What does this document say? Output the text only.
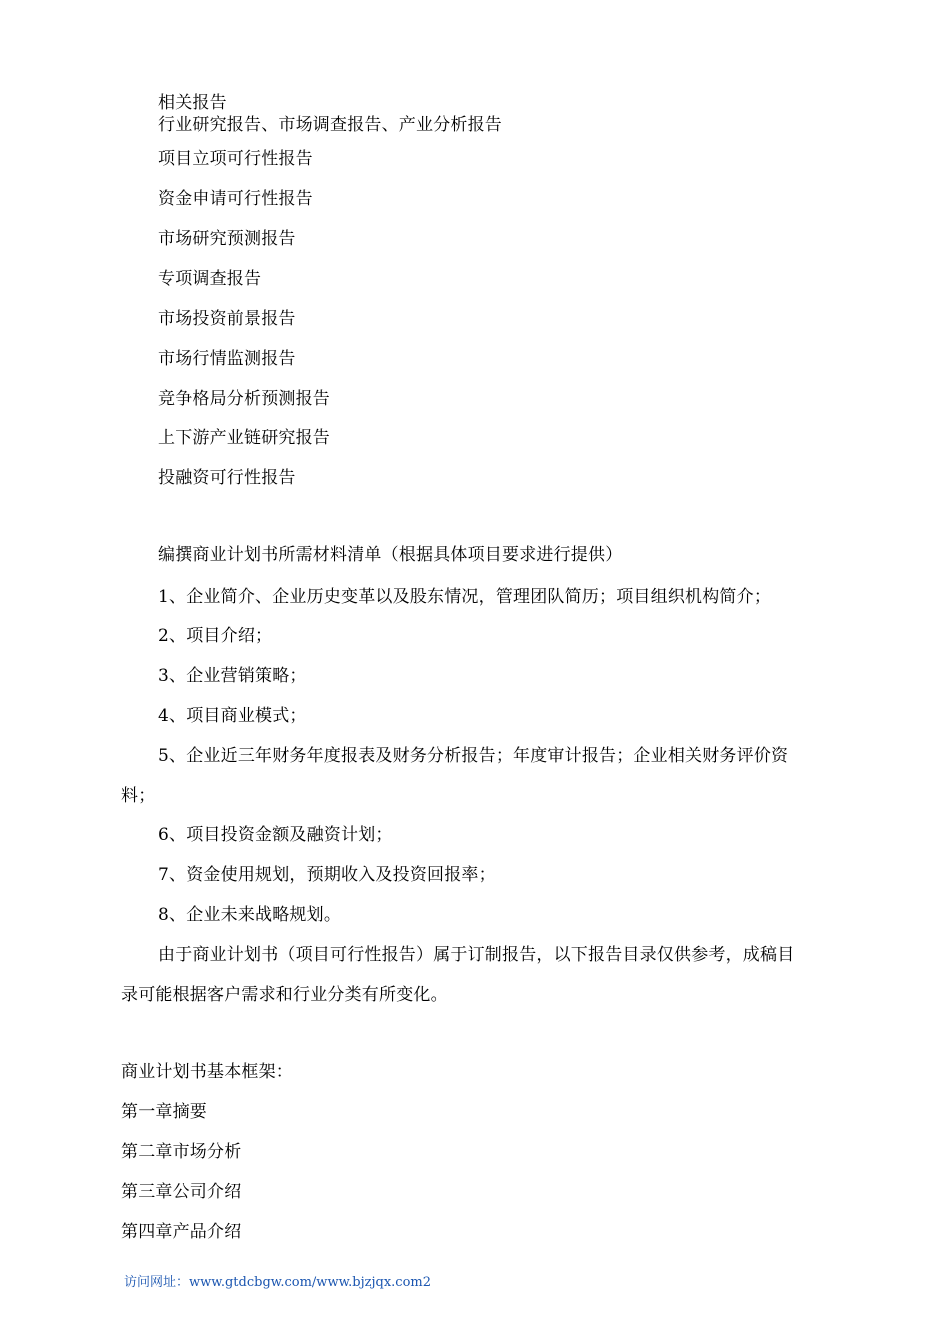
相关报告
行业研究报告、市场调查报告、产业分析报告
项目立项可行性报告
资金申请可行性报告
市场研究预测报告
专项调查报告
市场投资前景报告
市场行情监测报告
竞争格局分析预测报告
上下游产业链研究报告
投融资可行性报告
编撰商业计划书所需材料清单（根据具体项目要求进行提供）
1、企业简介、企业历史变革以及股东情况，管理团队简历；项目组织机构简介；
2、项目介绍；
3、企业营销策略；
4、项目商业模式；
5、企业近三年财务年度报表及财务分析报告；年度审计报告；企业相关财务评价资
料；
6、项目投资金额及融资计划；
7、资金使用规划，预期收入及投资回报率；
8、企业未来战略规划。
由于商业计划书（项目可行性报告）属于订制报告，以下报告目录仅供参考，成稿目
录可能根据客户需求和行业分类有所变化。
商业计划书基本框架：
第一章摘要
第二章市场分析
第三章公司介绍
第四章产品介绍
访问网址：www.gtdcbgw.com/www.bjzjqx.com2
